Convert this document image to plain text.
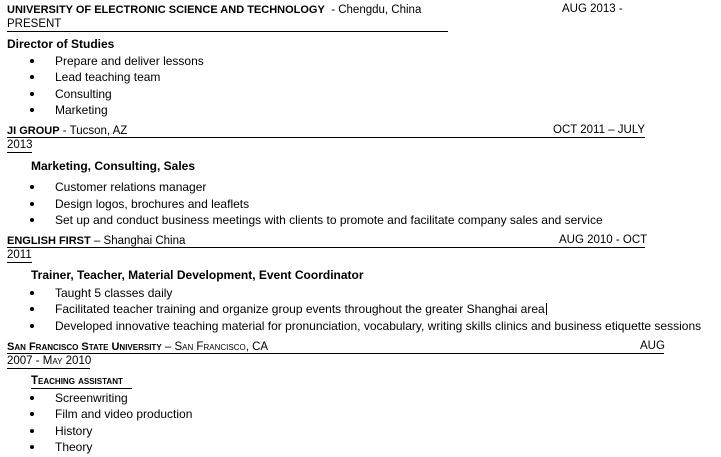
UNIVERSITY OF ELECTRONIC SCIENCE AND TECHNOLOGY  - Chengdu, China	AUG 2013 -
PRESENT
Director of Studies
Prepare and deliver lessons
Lead teaching team
Consulting
Marketing
JI GROUP - Tucson, AZ	OCT 2011 – JULY
2013
Marketing, Consulting, Sales
Customer relations manager
Design logos, brochures and leaflets
Set up and conduct business meetings with clients to promote and facilitate company sales and service
ENGLISH FIRST – Shanghai China	AUG 2010 - OCT
2011
Trainer, Teacher, Material Development, Event Coordinator
Taught 5 classes daily
Facilitated teacher training and organize group events throughout the greater Shanghai area
Developed innovative teaching material for pronunciation, vocabulary, writing skills clinics and business etiquette sessions
San Francisco State University – San Francisco, CA	AUG
2007 - May 2010
Teaching assistant
Screenwriting
Film and video production
History
Theory
